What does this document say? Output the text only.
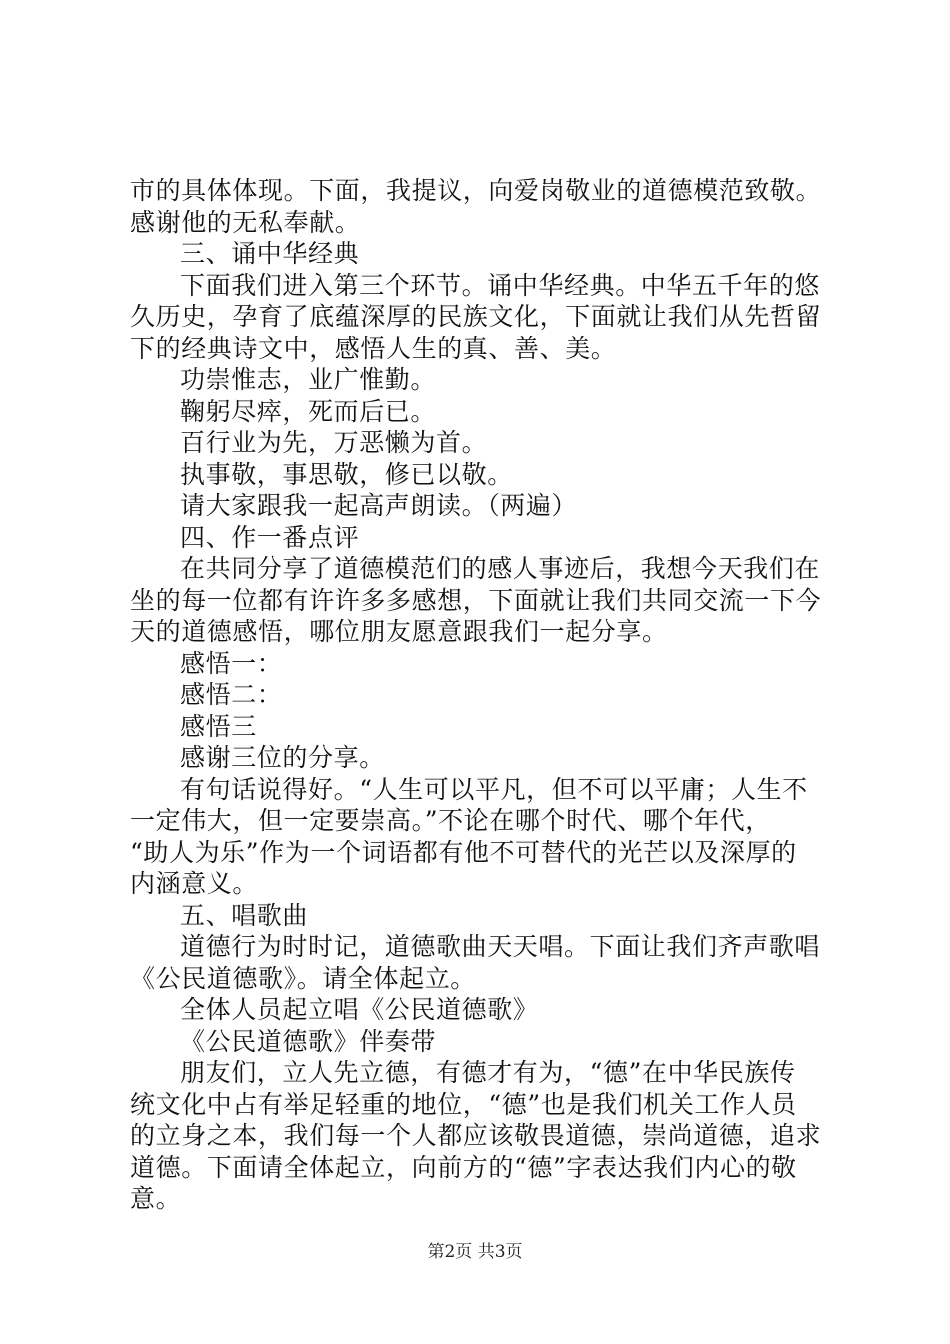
市的具体体现。下面，我提议，向爱岗敬业的道德模范致敬。
感谢他的无私奉献。
三、诵中华经典
下面我们进入第三个环节。诵中华经典。中华五千年的悠
久历史，孕育了底蕴深厚的民族文化，下面就让我们从先哲留
下的经典诗文中，感悟人生的真、善、美。
功崇惟志，业广惟勤。
鞠躬尽瘁，死而后已。
百行业为先，万恶懒为首。
执事敬，事思敬，修已以敬。
请大家跟我一起高声朗读。（两遍）
四、作一番点评
在共同分享了道德模范们的感人事迹后，我想今天我们在
坐的每一位都有许许多多感想，下面就让我们共同交流一下今
天的道德感悟，哪位朋友愿意跟我们一起分享。
感悟一：
感悟二：
感悟三
感谢三位的分享。
有句话说得好。“人生可以平凡，但不可以平庸；人生不
一定伟大，但一定要崇高。”不论在哪个时代、哪个年代，
“助人为乐”作为一个词语都有他不可替代的光芒以及深厚的
内涵意义。
五、唱歌曲
道德行为时时记，道德歌曲天天唱。下面让我们齐声歌唱
《公民道德歌》。请全体起立。
全体人员起立唱《公民道德歌》
《公民道德歌》伴奏带
朋友们，立人先立德，有德才有为，“德”在中华民族传
统文化中占有举足轻重的地位，“德”也是我们机关工作人员
的立身之本，我们每一个人都应该敬畏道德，崇尚道德，追求
道德。下面请全体起立，向前方的“德”字表达我们内心的敬
意。
第2页 共3页
